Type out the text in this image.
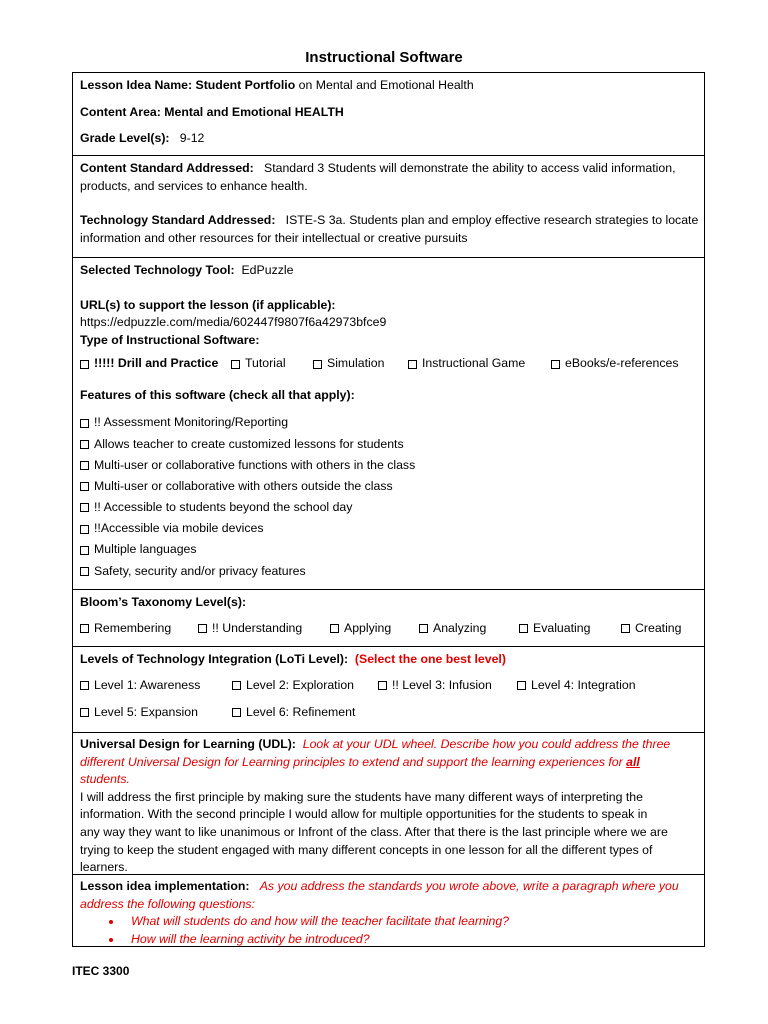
Instructional Software
Lesson Idea Name:
Student Portfolio
on Mental and Emotional Health
Content Area:
Mental and Emotional HEALTH
Grade Level(s):
9-12
Content Standard Addressed:
Standard 3 Students will demonstrate the ability to access valid information,
products, and services to enhance health.
Technology Standard Addressed:
ISTE-S 3a. Students plan and employ effective research strategies to locate
information and other resources for their intellectual or creative pursuits
Selected Technology Tool:
EdPuzzle
URL(s) to support the lesson (if applicable):
https://edpuzzle.com/media/602447f9807f6a42973bfce9
Type of Instructional Software:
!!!!! Drill and Practice Tutorial	Simulation	Instructional Game	eBooks/e-references
Features of this software (check all that apply):
!! Assessment Monitoring/Reporting
Allows teacher to create customized lessons for students
Multi-user or collaborative functions with others in the class
Multi-user or collaborative with others outside the class
!! Accessible to students beyond the school day
!!Accessible via mobile devices
Multiple languages
Safety, security and/or privacy features
Bloom’s Taxonomy Level(s):
Remembering	!! Understanding	Applying	Analyzing	Evaluating	Creating
Levels of Technology Integration (LoTi Level):
(Select the one best level)
Level 1: Awareness	Level 2: Exploration	!! Level 3: Infusion	Level 4: Integration
Level 5: Expansion	Level 6: Refinement
Universal Design for Learning (UDL):
Look at your UDL wheel. Describe how you could address the three
different Universal Design for Learning principles to extend and support the learning experiences for
all
students.
I will address the first principle by making sure the students have many different ways of interpreting the
information. With the second principle I would allow for multiple opportunities for the students to speak in
any way they want to like unanimous or Infront of the class. After that there is the last principle where we are
trying to keep the student engaged with many different concepts in one lesson for all the different types of
learners.
Lesson idea implementation:
As you address the standards you wrote above, write a paragraph where you
address the following questions:
• What will students do and how will the teacher facilitate that learning?
• How will the learning activity be introduced?
ITEC 3300
